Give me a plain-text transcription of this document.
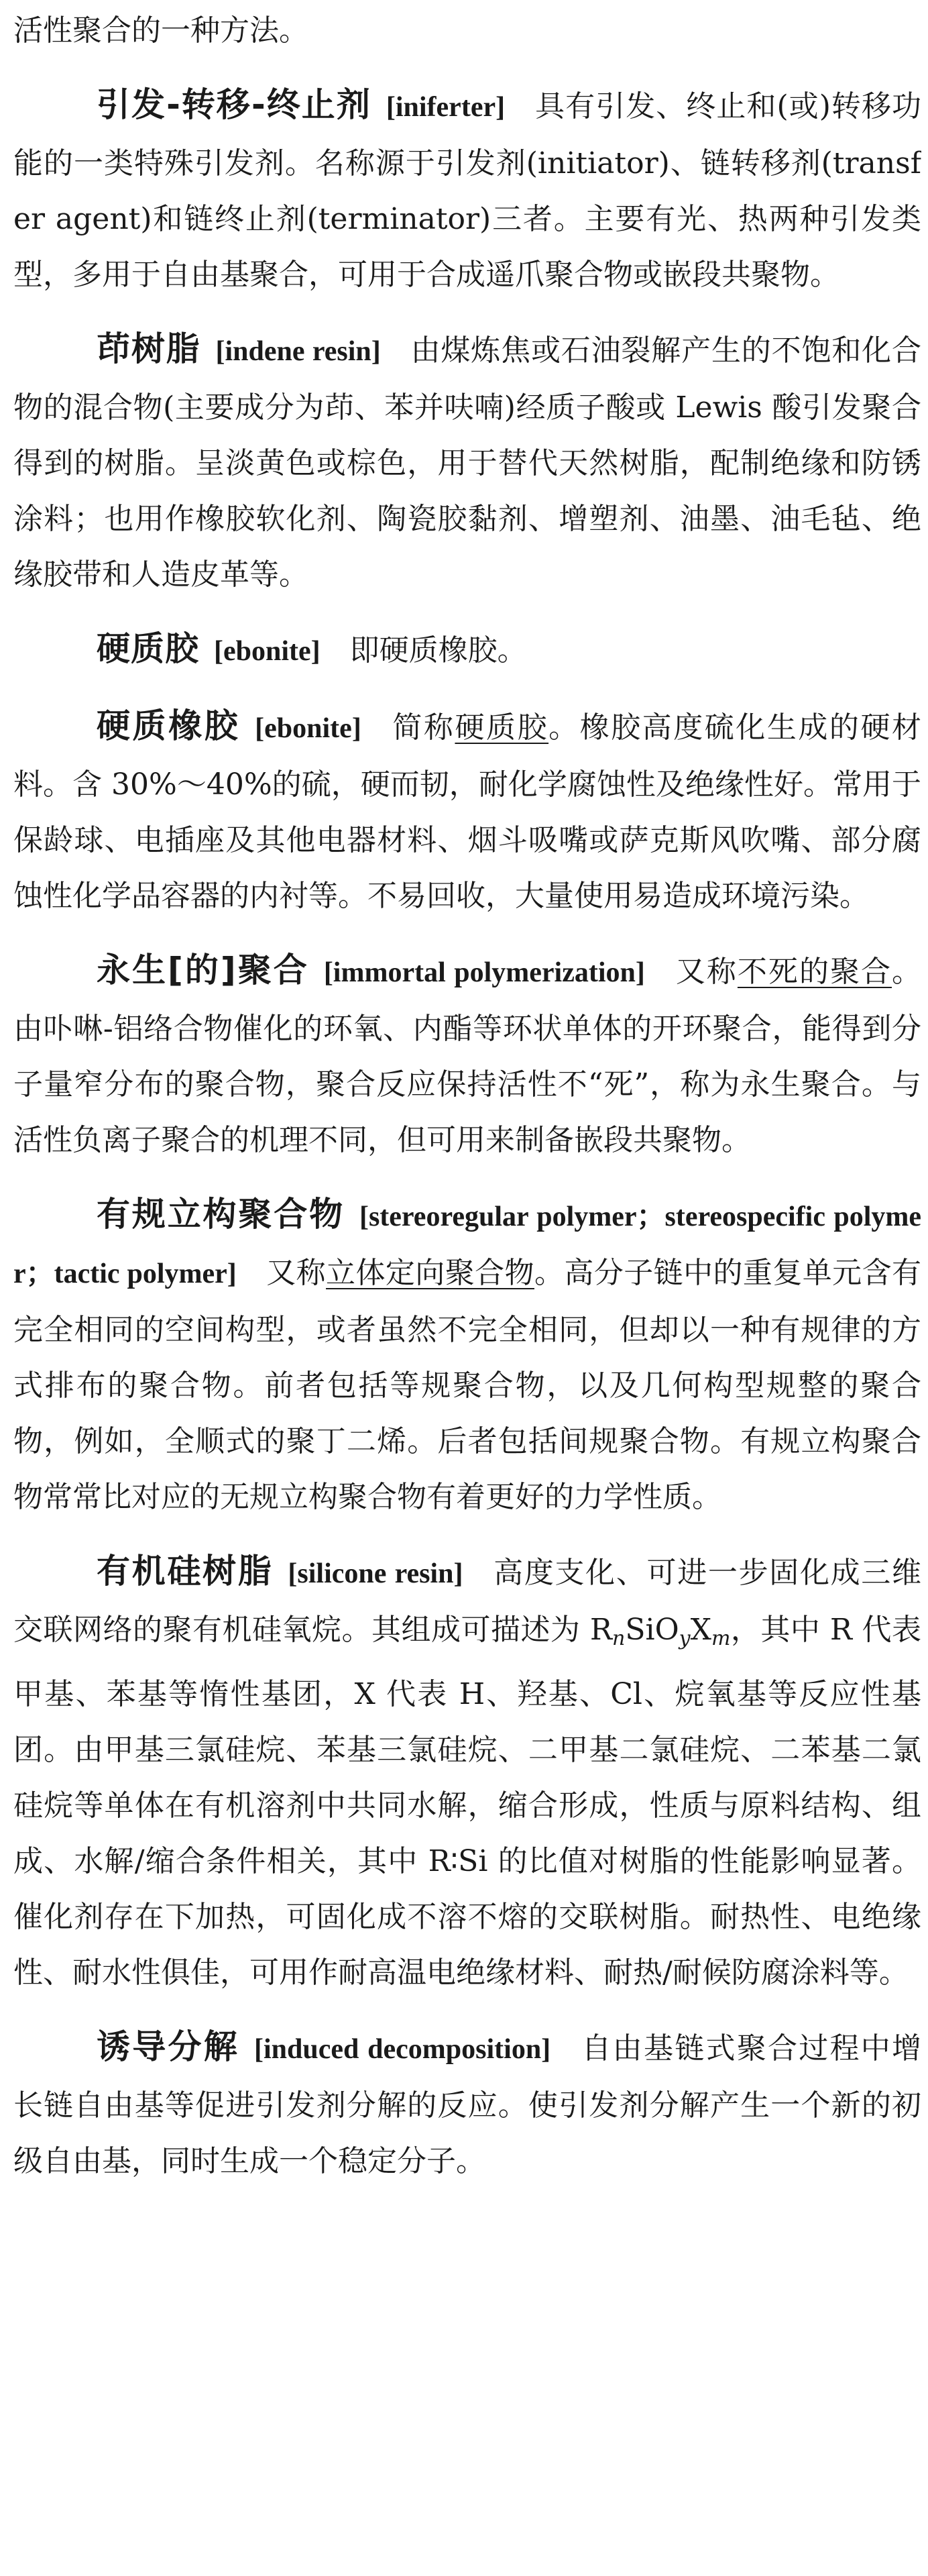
活性聚合的一种方法。

引发-转移-终止剂  [iniferter] 具有引发、终止和(或)转移功能的一类特殊引发剂。名称源于引发剂(initiator)、链转移剂(transfer agent)和链终止剂(terminator)三者。主要有光、热两种引发类型，多用于自由基聚合，可用于合成遥爪聚合物或嵌段共聚物。

茚树脂  [indene resin] 由煤炼焦或石油裂解产生的不饱和化合物的混合物(主要成分为茚、苯并呋喃)经质子酸或 Lewis 酸引发聚合得到的树脂。呈淡黄色或棕色，用于替代天然树脂，配制绝缘和防锈涂料；也用作橡胶软化剂、陶瓷胶黏剂、增塑剂、油墨、油毛毡、绝缘胶带和人造皮革等。

硬质胶  [ebonite] 即硬质橡胶。

硬质橡胶  [ebonite] 简称硬质胶。橡胶高度硫化生成的硬材料。含 30%～40%的硫，硬而韧，耐化学腐蚀性及绝缘性好。常用于保龄球、电插座及其他电器材料、烟斗吸嘴或萨克斯风吹嘴、部分腐蚀性化学品容器的内衬等。不易回收，大量使用易造成环境污染。

永生[的]聚合  [immortal polymerization] 又称不死的聚合。由卟啉-铝络合物催化的环氧、内酯等环状单体的开环聚合，能得到分子量窄分布的聚合物，聚合反应保持活性不“死”，称为永生聚合。与活性负离子聚合的机理不同，但可用来制备嵌段共聚物。

有规立构聚合物  [stereoregular polymer；stereospecific polymer；tactic polymer] 又称立体定向聚合物。高分子链中的重复单元含有完全相同的空间构型，或者虽然不完全相同，但却以一种有规律的方式排布的聚合物。前者包括等规聚合物，以及几何构型规整的聚合物，例如，全顺式的聚丁二烯。后者包括间规聚合物。有规立构聚合物常常比对应的无规立构聚合物有着更好的力学性质。

有机硅树脂  [silicone resin] 高度支化、可进一步固化成三维交联网络的聚有机硅氧烷。其组成可描述为 $R_nSiO_yX_m$，其中 R 代表甲基、苯基等惰性基团，X 代表 H、羟基、Cl、烷氧基等反应性基团。由甲基三氯硅烷、苯基三氯硅烷、二甲基二氯硅烷、二苯基二氯硅烷等单体在有机溶剂中共同水解，缩合形成，性质与原料结构、组成、水解/缩合条件相关，其中 R∶Si 的比值对树脂的性能影响显著。催化剂存在下加热，可固化成不溶不熔的交联树脂。耐热性、电绝缘性、耐水性俱佳，可用作耐高温电绝缘材料、耐热/耐候防腐涂料等。

诱导分解  [induced decomposition] 自由基链式聚合过程中增长链自由基等促进引发剂分解的反应。使引发剂分解产生一个新的初级自由基，同时生成一个稳定分子。
